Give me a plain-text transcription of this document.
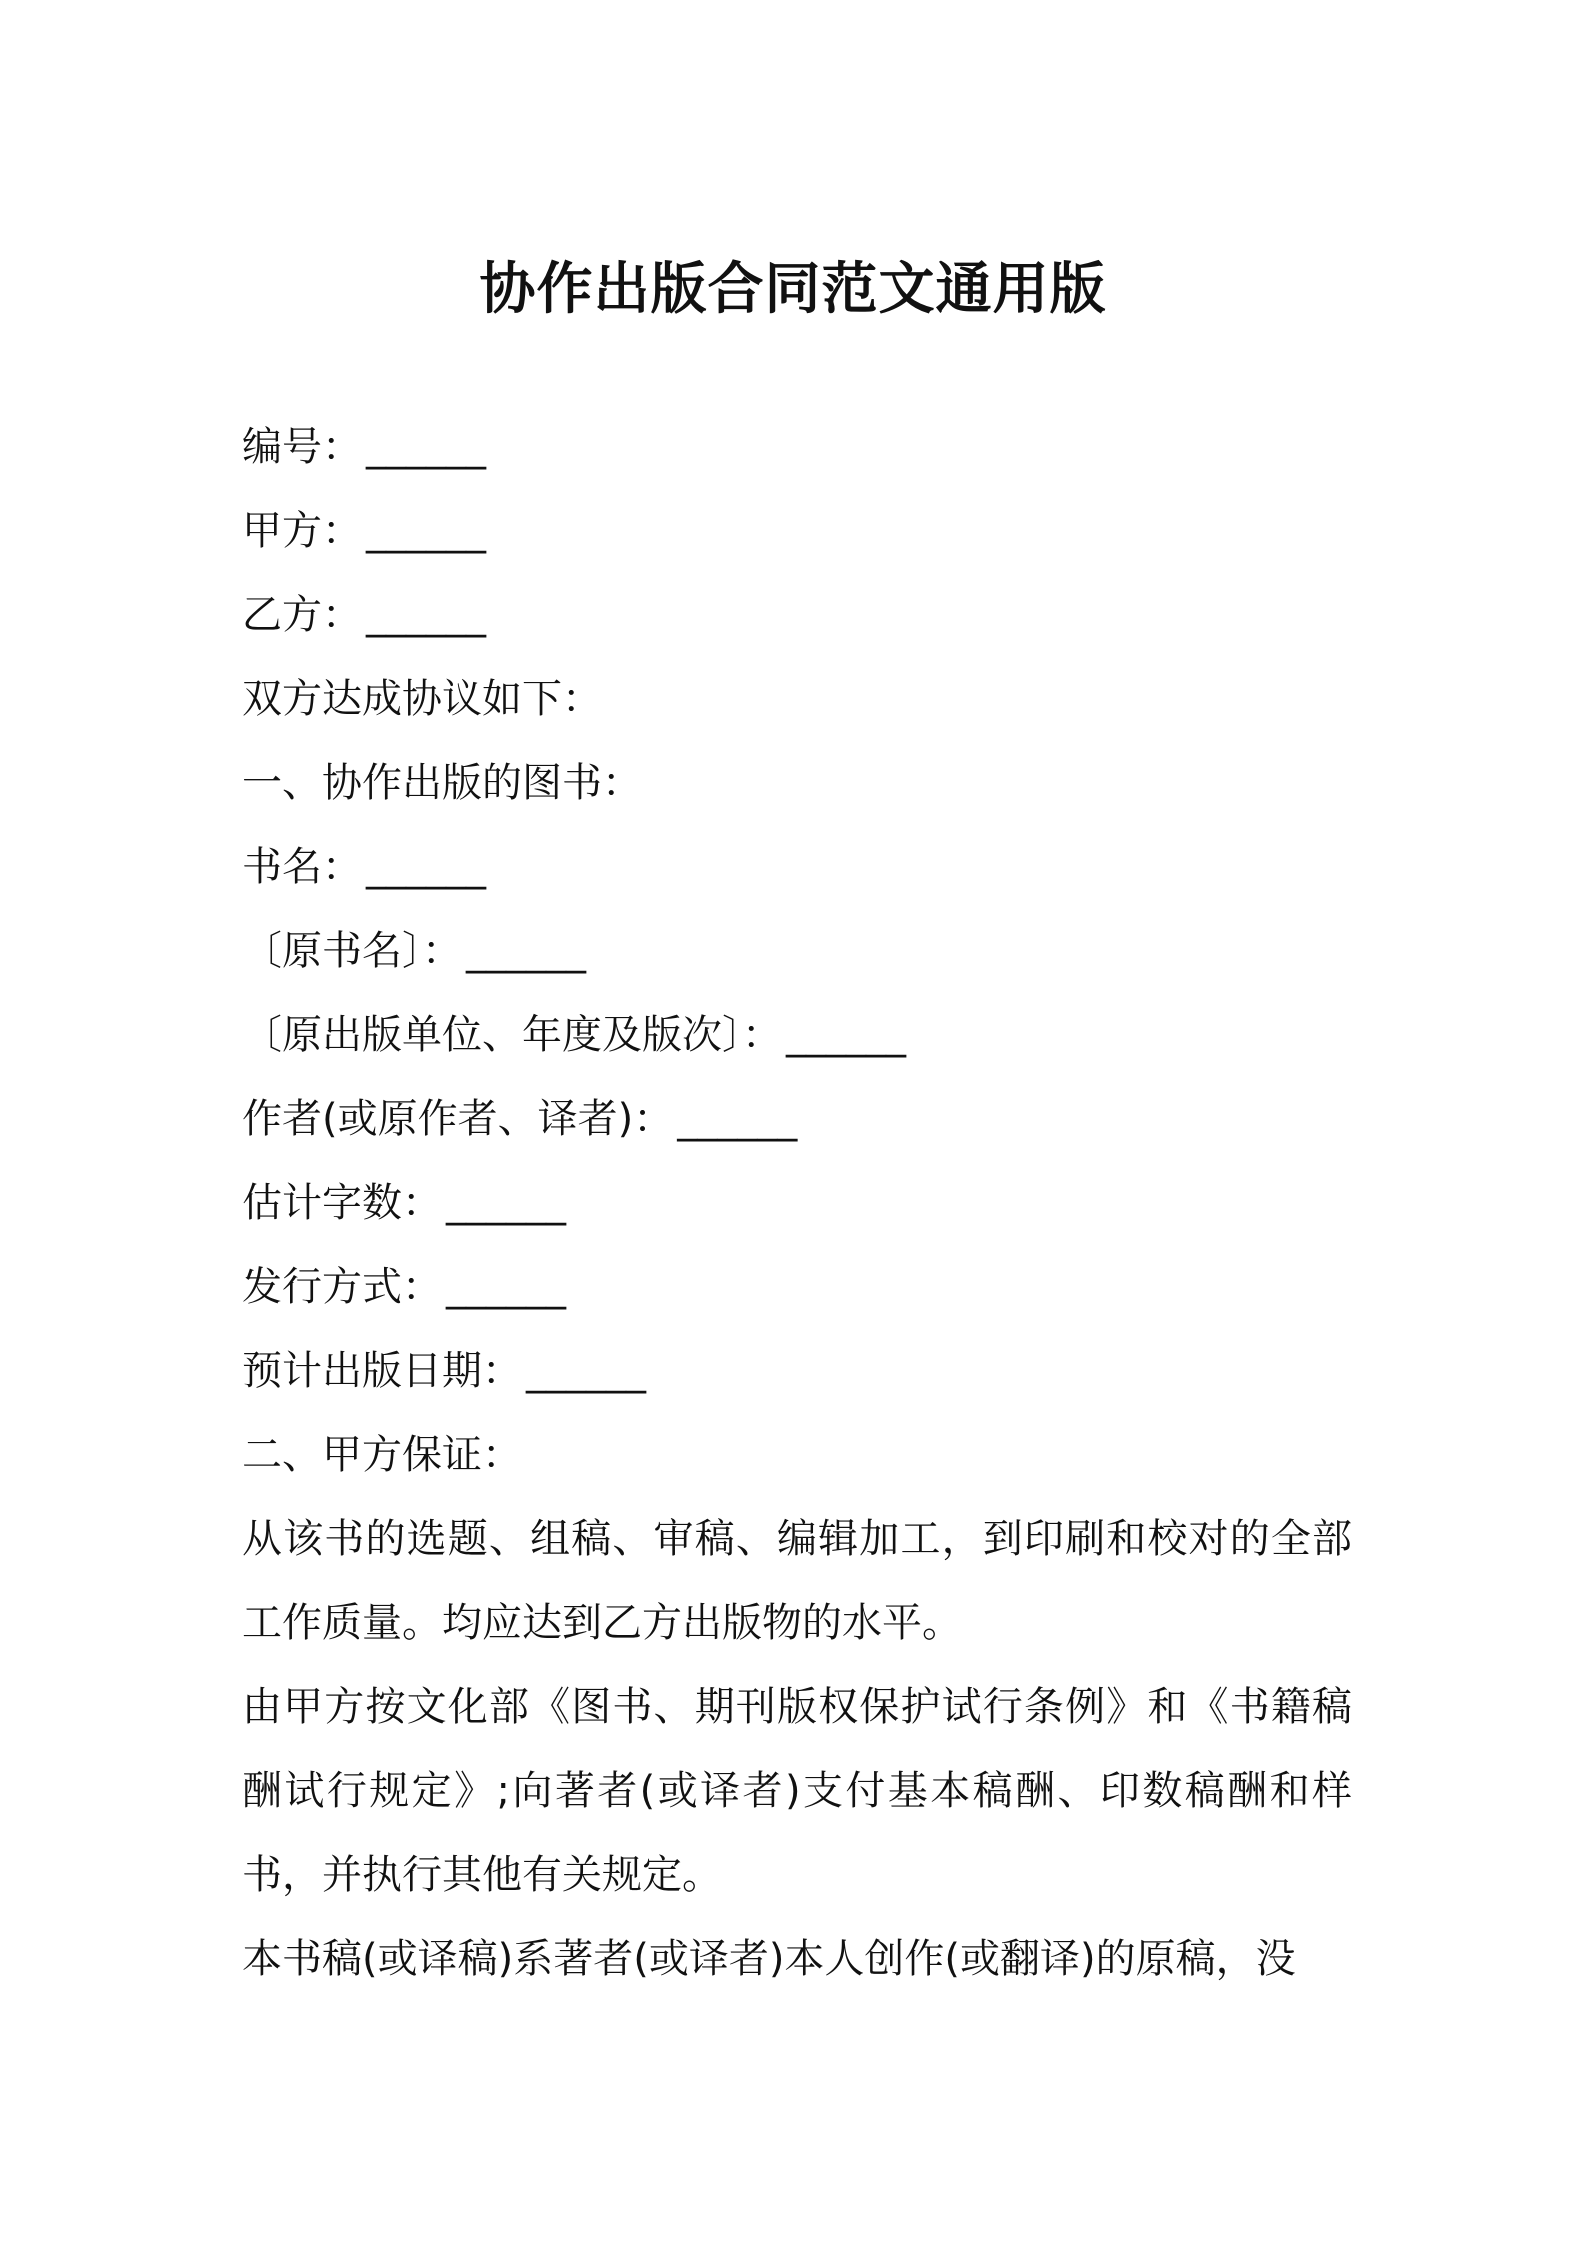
协作出版合同范文通用版

编号： ______

甲方： ______

乙方： ______

双方达成协议如下：

一、协作出版的图书：

书名： ______

〔原书名〕： ______

〔原出版单位、年度及版次〕： ______

作者(或原作者、译者)： ______

估计字数： ______

发行方式： ______

预计出版日期： ______

二、甲方保证：

从该书的选题、组稿、审稿、编辑加工，到印刷和校对的全部工作质量。均应达到乙方出版物的水平。

由甲方按文化部《图书、期刊版权保护试行条例》和《书籍稿酬试行规定》;向著者(或译者)支付基本稿酬、印数稿酬和样书，并执行其他有关规定。

本书稿(或译稿)系著者(或译者)本人创作(或翻译)的原稿，没
